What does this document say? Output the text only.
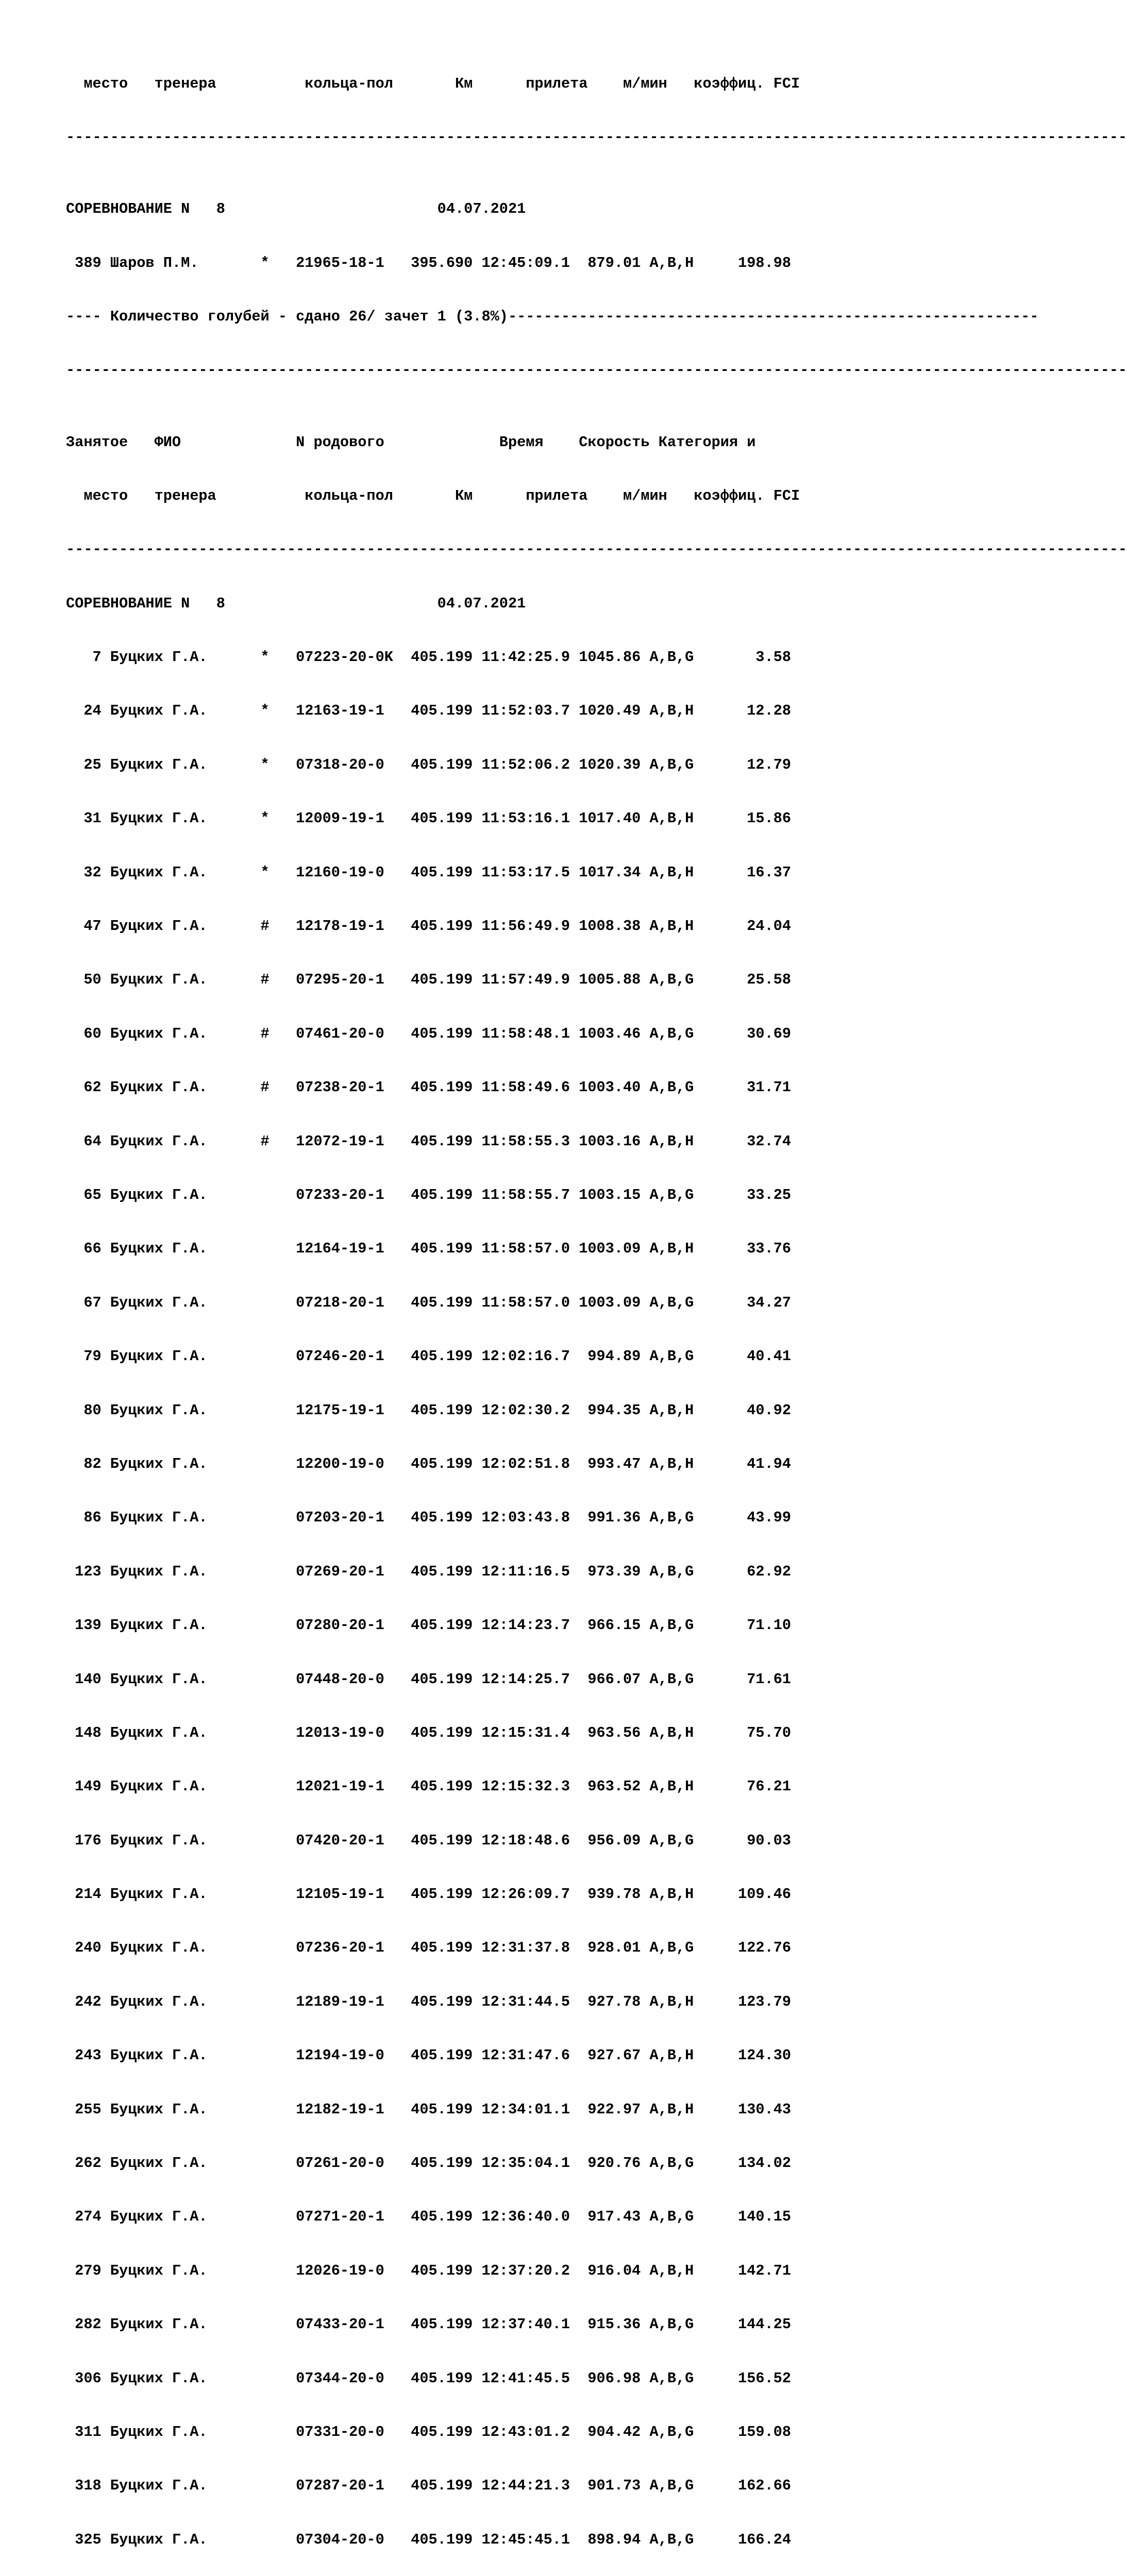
место   тренера          кольца-пол       Км      прилета    м/мин   коэффиц. FCI

------------------------------------------------------------------------------------------------------------------------

СОРЕВНОВАНИЕ N   8                        04.07.2021

389 Шаров П.М.       *   21965-18-1   395.690 12:45:09.1  879.01 A,B,H     198.98

---- Количество голубей - сдано 26/ зачет 1 (3.8%)------------------------------------------------------------

------------------------------------------------------------------------------------------------------------------------

Занятое   ФИО             N родового             Время    Скорость Категория и

место   тренера          кольца-пол       Км      прилета    м/мин   коэффиц. FCI

------------------------------------------------------------------------------------------------------------------------

СОРЕВНОВАНИЕ N   8                        04.07.2021

7 Буцких Г.А.      *   07223-20-0K  405.199 11:42:25.9 1045.86 A,B,G       3.58

24 Буцких Г.А.      *   12163-19-1   405.199 11:52:03.7 1020.49 A,B,H      12.28

25 Буцких Г.А.      *   07318-20-0   405.199 11:52:06.2 1020.39 A,B,G      12.79

31 Буцких Г.А.      *   12009-19-1   405.199 11:53:16.1 1017.40 A,B,H      15.86

32 Буцких Г.А.      *   12160-19-0   405.199 11:53:17.5 1017.34 A,B,H      16.37

47 Буцких Г.А.      #   12178-19-1   405.199 11:56:49.9 1008.38 A,B,H      24.04

50 Буцких Г.А.      #   07295-20-1   405.199 11:57:49.9 1005.88 A,B,G      25.58

60 Буцких Г.А.      #   07461-20-0   405.199 11:58:48.1 1003.46 A,B,G      30.69

62 Буцких Г.А.      #   07238-20-1   405.199 11:58:49.6 1003.40 A,B,G      31.71

64 Буцких Г.А.      #   12072-19-1   405.199 11:58:55.3 1003.16 A,B,H      32.74

65 Буцких Г.А.          07233-20-1   405.199 11:58:55.7 1003.15 A,B,G      33.25

66 Буцких Г.А.          12164-19-1   405.199 11:58:57.0 1003.09 A,B,H      33.76

67 Буцких Г.А.          07218-20-1   405.199 11:58:57.0 1003.09 A,B,G      34.27

79 Буцких Г.А.          07246-20-1   405.199 12:02:16.7  994.89 A,B,G      40.41

80 Буцких Г.А.          12175-19-1   405.199 12:02:30.2  994.35 A,B,H      40.92

82 Буцких Г.А.          12200-19-0   405.199 12:02:51.8  993.47 A,B,H      41.94

86 Буцких Г.А.          07203-20-1   405.199 12:03:43.8  991.36 A,B,G      43.99

123 Буцких Г.А.          07269-20-1   405.199 12:11:16.5  973.39 A,B,G      62.92

139 Буцких Г.А.          07280-20-1   405.199 12:14:23.7  966.15 A,B,G      71.10

140 Буцких Г.А.          07448-20-0   405.199 12:14:25.7  966.07 A,B,G      71.61

148 Буцких Г.А.          12013-19-0   405.199 12:15:31.4  963.56 A,B,H      75.70

149 Буцких Г.А.          12021-19-1   405.199 12:15:32.3  963.52 A,B,H      76.21

176 Буцких Г.А.          07420-20-1   405.199 12:18:48.6  956.09 A,B,G      90.03

214 Буцких Г.А.          12105-19-1   405.199 12:26:09.7  939.78 A,B,H     109.46

240 Буцких Г.А.          07236-20-1   405.199 12:31:37.8  928.01 A,B,G     122.76

242 Буцких Г.А.          12189-19-1   405.199 12:31:44.5  927.78 A,B,H     123.79

243 Буцких Г.А.          12194-19-0   405.199 12:31:47.6  927.67 A,B,H     124.30

255 Буцких Г.А.          12182-19-1   405.199 12:34:01.1  922.97 A,B,H     130.43

262 Буцких Г.А.          07261-20-0   405.199 12:35:04.1  920.76 A,B,G     134.02

274 Буцких Г.А.          07271-20-1   405.199 12:36:40.0  917.43 A,B,G     140.15

279 Буцких Г.А.          12026-19-0   405.199 12:37:20.2  916.04 A,B,H     142.71

282 Буцких Г.А.          07433-20-1   405.199 12:37:40.1  915.36 A,B,G     144.25

306 Буцких Г.А.          07344-20-0   405.199 12:41:45.5  906.98 A,B,G     156.52

311 Буцких Г.А.          07331-20-0   405.199 12:43:01.2  904.42 A,B,G     159.08

318 Буцких Г.А.          07287-20-1   405.199 12:44:21.3  901.73 A,B,G     162.66

325 Буцких Г.А.          07304-20-0   405.199 12:45:45.1  898.94 A,B,G     166.24
